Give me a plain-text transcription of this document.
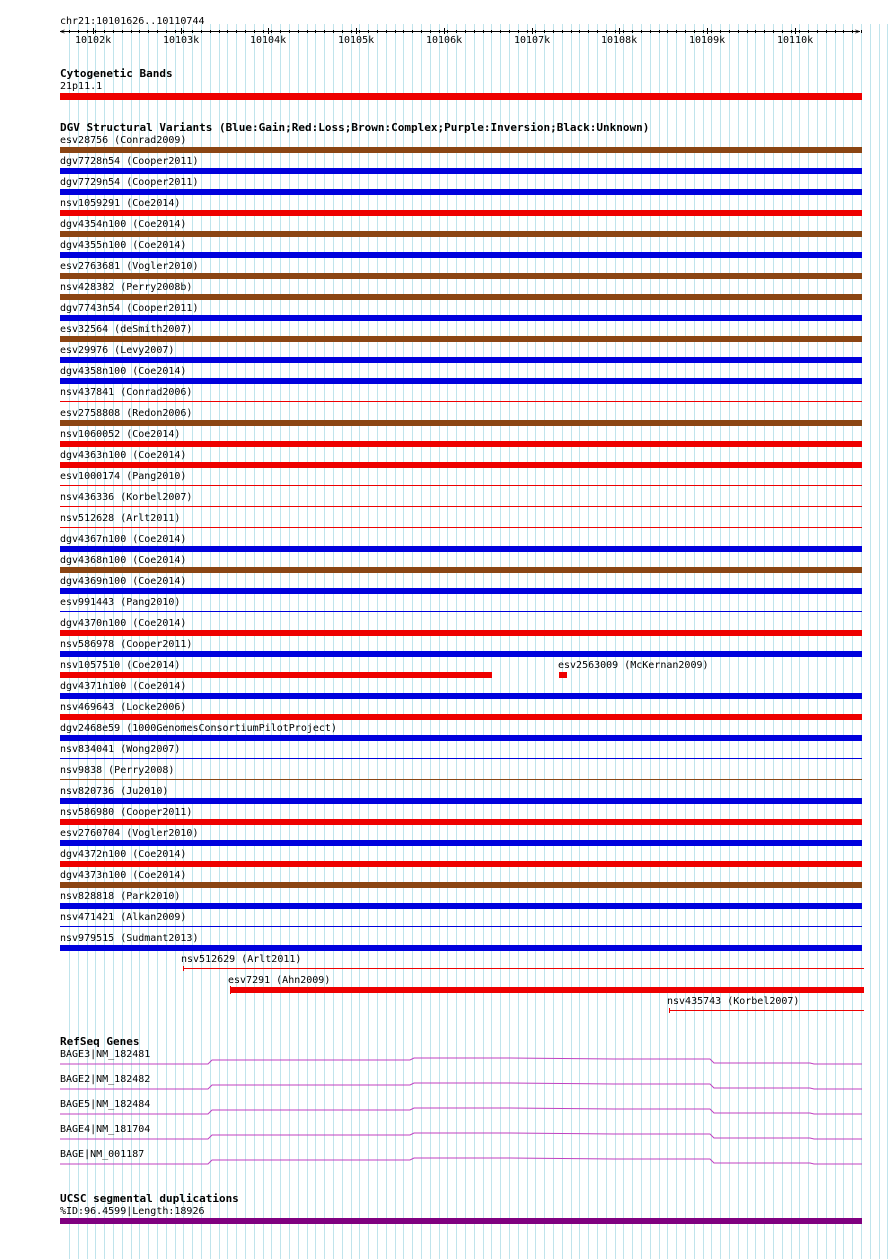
chr21:10101626..10110744
>
10102k	10103k	10104k	10105k	10106k	10107k	10108k	10109k	10110k
Cytogenetic Bands
21p11.1
DGV Structural Variants (Blue:Gain;Red:Loss;Brown:Complex;Purple:Inversion;Black:Unknown)
esv28756 (Conrad2009)
dgv7728n54 (Cooper2011)
dgv7729n54 (Cooper2011)
nsv1059291 (Coe2014)
dgv4354n100 (Coe2014)
dgv4355n100 (Coe2014)
esv2763681 (Vogler2010)
nsv428382 (Perry2008b)
dgv7743n54 (Cooper2011)
esv32564 (deSmith2007)
esv29976 (Levy2007)
dgv4358n100 (Coe2014)
nsv437841 (Conrad2006)
esv2758808 (Redon2006)
nsv1060052 (Coe2014)
dgv4363n100 (Coe2014)
esv1000174 (Pang2010)
nsv436336 (Korbel2007)
nsv512628 (Arlt2011)
dgv4367n100 (Coe2014)
dgv4368n100 (Coe2014)
dgv4369n100 (Coe2014)
esv991443 (Pang2010)
dgv4370n100 (Coe2014)
nsv586978 (Cooper2011)
nsv1057510 (Coe2014)	esv2563009 (McKernan2009)
dgv4371n100 (Coe2014)
nsv469643 (Locke2006)
dgv2468e59 (1000GenomesConsortiumPilotProject)
nsv834041 (Wong2007)
nsv9838 (Perry2008)
nsv820736 (Ju2010)
nsv586980 (Cooper2011)
esv2760704 (Vogler2010)
dgv4372n100 (Coe2014)
dgv4373n100 (Coe2014)
nsv828818 (Park2010)
nsv471421 (Alkan2009)
nsv979515 (Sudmant2013)
nsv512629 (Arlt2011)
esv7291 (Ahn2009)
nsv435743 (Korbel2007)
RefSeq Genes
BAGE3|NM_182481
BAGE2|NM_182482
BAGE5|NM_182484
BAGE4|NM_181704
BAGE|NM_001187
UCSC segmental duplications
%ID:96.4599|Length:18926
